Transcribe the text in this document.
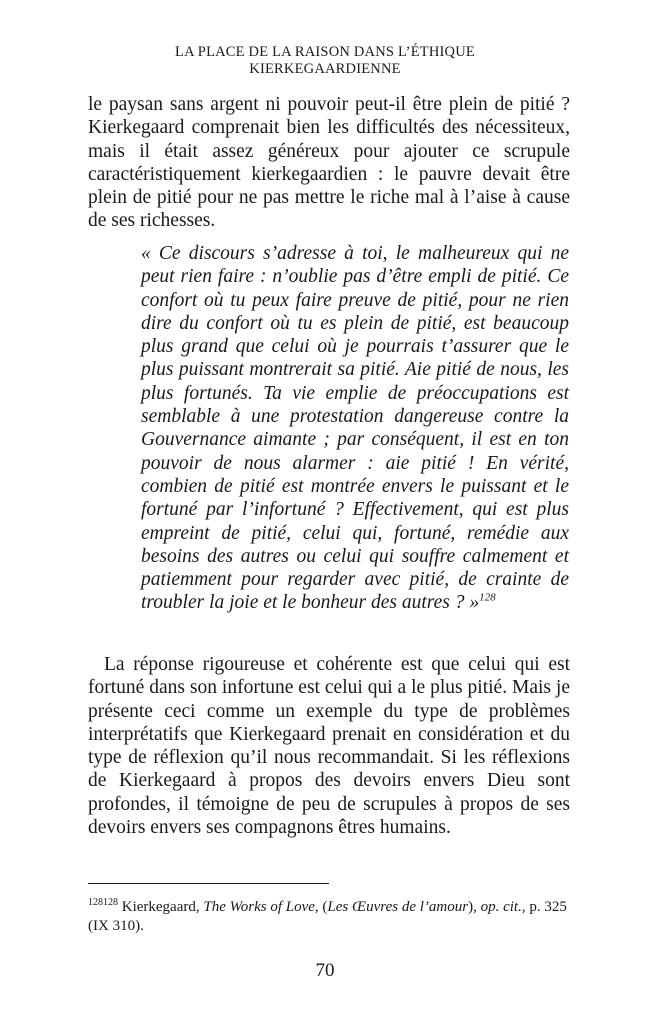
LA PLACE DE LA RAISON DANS L’ÉTHIQUE
KIERKEGAARDIENNE

le paysan sans argent ni pouvoir peut-il être plein de pitié ? Kierkegaard comprenait bien les difficultés des nécessiteux, mais il était assez généreux pour ajouter ce scrupule caractéristiquement kierkegaardien : le pauvre devait être plein de pitié pour ne pas mettre le riche mal à l’aise à cause de ses richesses.

« Ce discours s’adresse à toi, le malheureux qui ne peut rien faire : n’oublie pas d’être empli de pitié. Ce confort où tu peux faire preuve de pitié, pour ne rien dire du confort où tu es plein de pitié, est beaucoup plus grand que celui où je pourrais t’assurer que le plus puissant montrerait sa pitié. Aie pitié de nous, les plus fortunés. Ta vie emplie de préoccupations est semblable à une protestation dangereuse contre la Gouvernance aimante ; par conséquent, il est en ton pouvoir de nous alarmer : aie pitié ! En vérité, combien de pitié est montrée envers le puissant et le fortuné par l’infortuné ? Effectivement, qui est plus empreint de pitié, celui qui, fortuné, remédie aux besoins des autres ou celui qui souffre calmement et patiemment pour regarder avec pitié, de crainte de troubler la joie et le bonheur des autres ? »$^{128}$

La réponse rigoureuse et cohérente est que celui qui est fortuné dans son infortune est celui qui a le plus pitié. Mais je présente ceci comme un exemple du type de problèmes interprétatifs que Kierkegaard prenait en considération et du type de réflexion qu’il nous recommandait. Si les réflexions de Kierkegaard à propos des devoirs envers Dieu sont profondes, il témoigne de peu de scrupules à propos de ses devoirs envers ses compagnons êtres humains.

$^{128128}$ Kierkegaard, The Works of Love, (Les Œuvres de l’amour), op. cit., p. 325 (IX 310).

70
